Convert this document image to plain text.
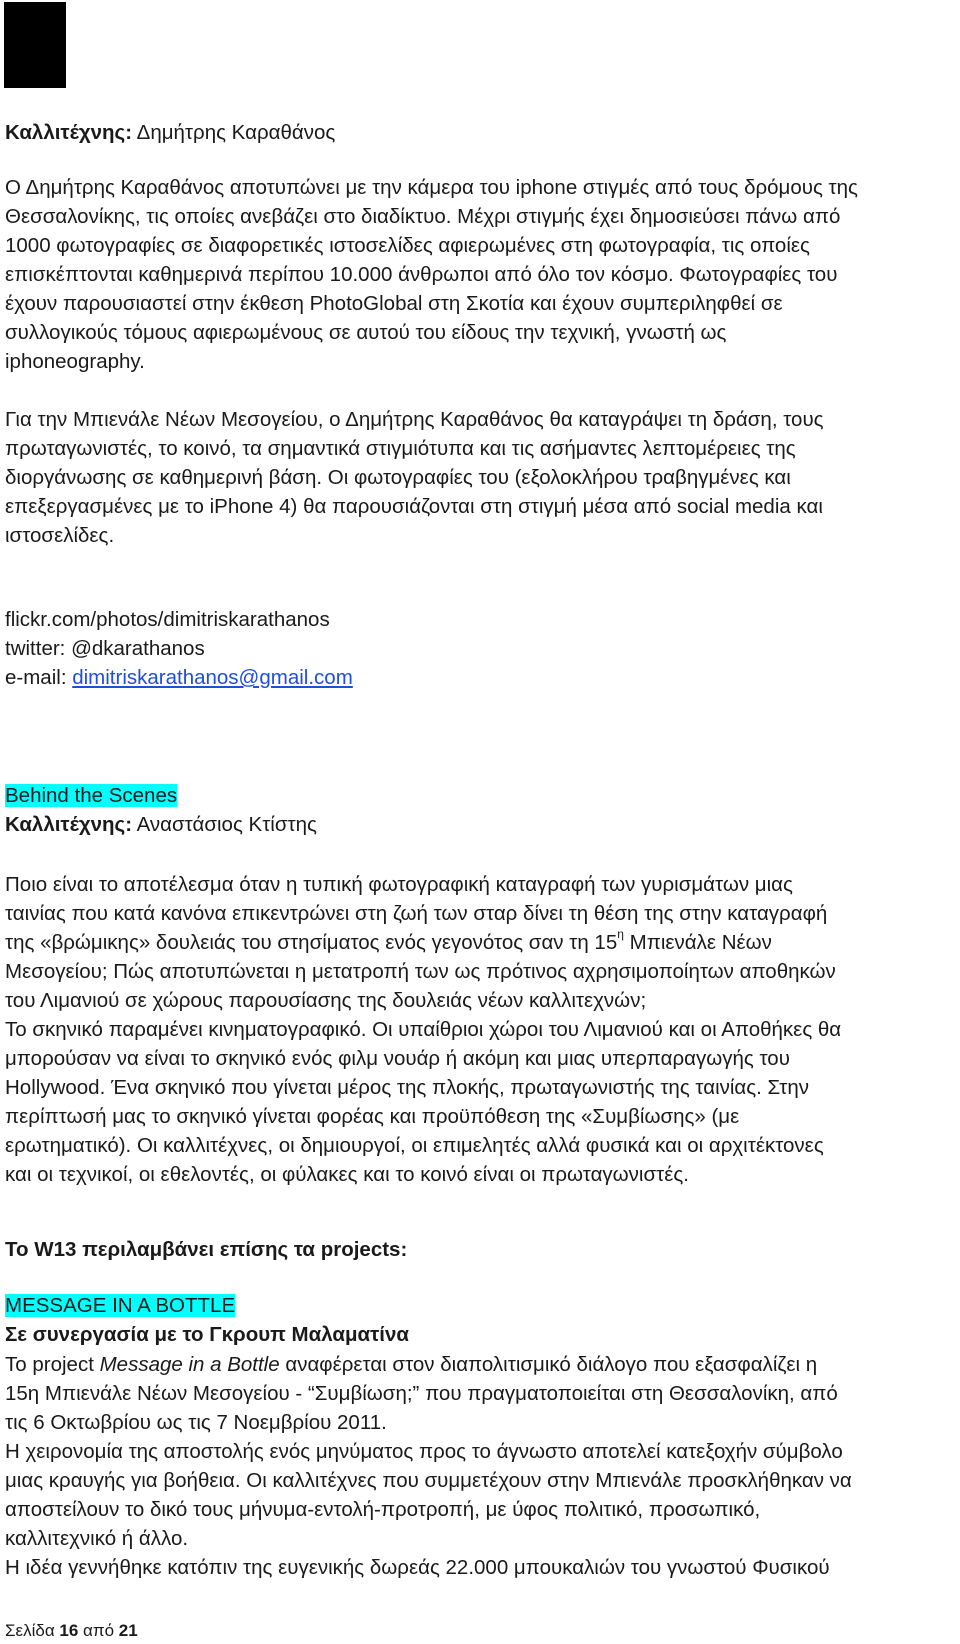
Καλλιτέχνης: Δημήτρης Καραθάνος
Ο Δημήτρης Καραθάνος αποτυπώνει με την κάμερα του iphone στιγμές από τους δρόμους της
Θεσσαλονίκης, τις οποίες ανεβάζει στο διαδίκτυο. Μέχρι στιγμής έχει δημοσιεύσει πάνω από
1000 φωτογραφίες σε διαφορετικές ιστοσελίδες αφιερωμένες στη φωτογραφία, τις οποίες
επισκέπτονται καθημερινά περίπου 10.000 άνθρωποι από όλο τον κόσμο. Φωτογραφίες του
έχουν παρουσιαστεί στην έκθεση PhotoGlobal στη Σκοτία και έχουν συμπεριληφθεί σε
συλλογικούς τόμους αφιερωμένους σε αυτού του είδους την τεχνική, γνωστή ως
iphoneography.
Για την Μπιενάλε Νέων Μεσογείου, ο Δημήτρης Καραθάνος θα καταγράψει τη δράση, τους
πρωταγωνιστές, το κοινό, τα σημαντικά στιγμιότυπα και τις ασήμαντες λεπτομέρειες της
διοργάνωσης σε καθημερινή βάση. Οι φωτογραφίες του (εξολοκλήρου τραβηγμένες και
επεξεργασμένες με το iPhone 4) θα παρουσιάζονται στη στιγμή μέσα από social media και
ιστοσελίδες.
flickr.com/photos/dimitriskarathanos
twitter: @dkarathanos
e-mail: dimitriskarathanos@gmail.com
Behind the Scenes
Καλλιτέχνης: Αναστάσιος Κτίστης
Ποιο είναι το αποτέλεσμα όταν η τυπική φωτογραφική καταγραφή των γυρισμάτων μιας
ταινίας που κατά κανόνα επικεντρώνει στη ζωή των σταρ δίνει τη θέση της στην καταγραφή
της «βρώμικης» δουλειάς του στησίματος ενός γεγονότος σαν τη $15^\eta$ Μπιενάλε Νέων
Μεσογείου; Πώς αποτυπώνεται η μετατροπή των ως πρότινος αχρησιμοποίητων αποθηκών
του Λιμανιού σε χώρους παρουσίασης της δουλειάς νέων καλλιτεχνών;
Το σκηνικό παραμένει κινηματογραφικό. Οι υπαίθριοι χώροι του Λιμανιού και οι Αποθήκες θα
μπορούσαν να είναι το σκηνικό ενός φιλμ νουάρ ή ακόμη και μιας υπερπαραγωγής του
Hollywood. Ένα σκηνικό που γίνεται μέρος της πλοκής, πρωταγωνιστής της ταινίας. Στην
περίπτωσή μας το σκηνικό γίνεται φορέας και προϋπόθεση της «Συμβίωσης» (με
ερωτηματικό). Οι καλλιτέχνες, οι δημιουργοί, οι επιμελητές αλλά φυσικά και οι αρχιτέκτονες
και οι τεχνικοί, οι εθελοντές, οι φύλακες και το κοινό είναι οι πρωταγωνιστές.
Το W13 περιλαμβάνει επίσης τα projects:
MESSAGE IN A BOTTLE
Σε συνεργασία με το Γκρουπ Μαλαματίνα
Το project Message in a Bottle αναφέρεται στον διαπολιτισμικό διάλογο που εξασφαλίζει η
15η Μπιενάλε Νέων Μεσογείου - “Συμβίωση;” που πραγματοποιείται στη Θεσσαλονίκη, από
τις 6 Οκτωβρίου ως τις 7 Νοεμβρίου 2011.
Η χειρονομία της αποστολής ενός μηνύματος προς το άγνωστο αποτελεί κατεξοχήν σύμβολο
μιας κραυγής για βοήθεια. Οι καλλιτέχνες που συμμετέχουν στην Μπιενάλε προσκλήθηκαν να
αποστείλουν το δικό τους μήνυμα-εντολή-προτροπή, με ύφος πολιτικό, προσωπικό,
καλλιτεχνικό ή άλλο.
Η ιδέα γεννήθηκε κατόπιν της ευγενικής δωρεάς 22.000 μπουκαλιών του γνωστού Φυσικού
Σελίδα 16 από 21
